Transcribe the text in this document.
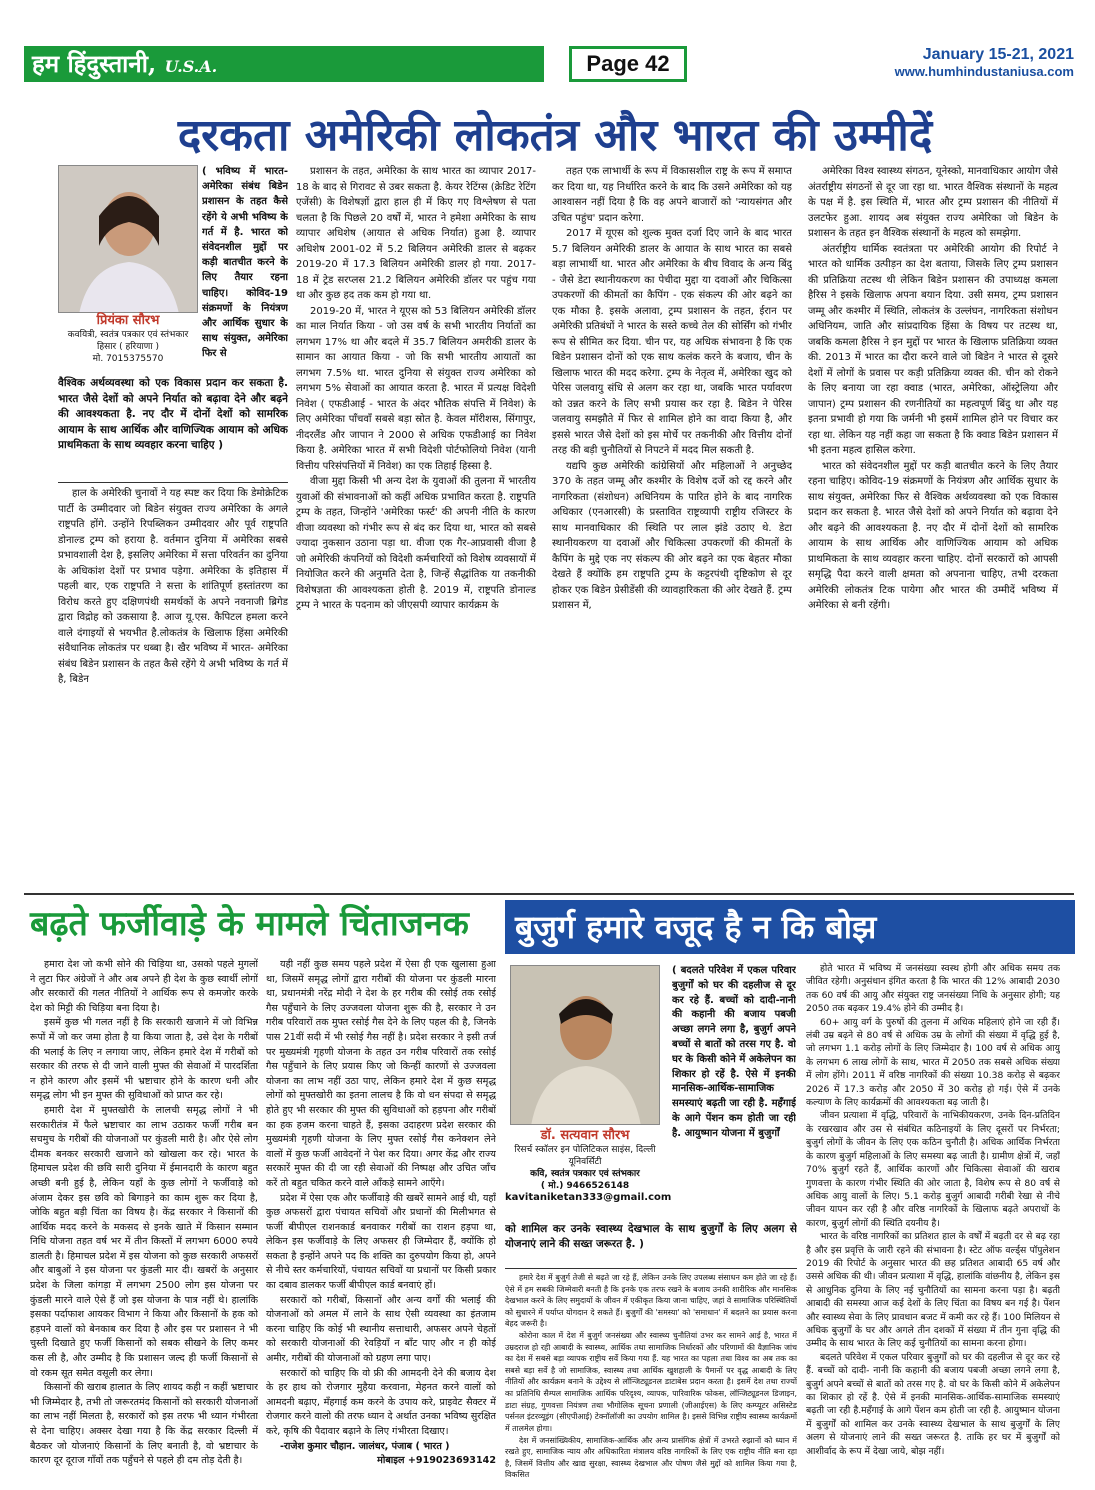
हम हिंदुस्तानी, U.S.A.	Page 42	January 15-21, 2021
www.humhindustaniusa.com
दरकता अमेरिकी लोकतंत्र और भारत की उम्मीदें
प्रियंका सौरभ
कवयित्री, स्वतंत्र पत्रकार एवं स्तंभकार
हिसार ( हरियाणा )
मो. 7015375570
( भविष्य में भारत- अमेरिका संबंध बिडेन प्रशासन के तहत कैसे रहेंगे ये अभी भविष्य के गर्त में है. भारत को संवेदनशील मुद्दों पर कड़ी बातचीत करने के लिए तैयार रहना चाहिए। कोविद-19 संक्रमणों के नियंत्रण और आर्थिक सुधार के साथ संयुक्त, अमेरिका फिर से
वैश्विक अर्थव्यवस्था को एक विकास प्रदान कर सकता है. भारत जैसे देशों को अपने निर्यात को बढ़ावा देने और बढ़ने की आवश्यकता है. नए दौर में दोनों देशों को सामरिक आयाम के साथ आर्थिक और वाणिज्यिक आयाम को अधिक प्राथमिकता के साथ व्यवहार करना चाहिए )

हाल के अमेरिकी चुनावों ने यह स्पष्ट कर दिया कि डेमोक्रेटिक पार्टी के उम्मीदवार जो बिडेन संयुक्त राज्य अमेरिका के अगले राष्ट्रपति होंगे. उन्होंने रिपब्लिकन उम्मीदवार और पूर्व राष्ट्रपति डोनाल्ड ट्रम्प को हराया है. वर्तमान दुनिया में अमेरिका सबसे प्रभावशाली देश है, इसलिए अमेरिका में सत्ता परिवर्तन का दुनिया के अधिकांश देशों पर प्रभाव पड़ेगा. अमेरिका के इतिहास में पहली बार, एक राष्ट्रपति ने सत्ता के शांतिपूर्ण हस्तांतरण का विरोध करते हुए दक्षिणपंथी समर्थकों के अपने नवनाजी ब्रिगेड द्वारा विद्रोह को उकसाया है. आज यू.एस. कैपिटल हमला करने वाले दंगाइयों से भयभीत है.लोकतंत्र के खिलाफ हिंसा अमेरिकी संवैधानिक लोकतंत्र पर धब्बा है। खैर भविष्य में भारत- अमेरिका संबंध बिडेन प्रशासन के तहत कैसे रहेंगे ये अभी भविष्य के गर्त में है, बिडेन

प्रशासन के तहत, अमेरिका के साथ भारत का व्यापार 2017-18 के बाद से गिरावट से उबर सकता है. केयर रेटिंग्स (क्रेडिट रेटिंग एजेंसी) के विशेषज्ञों द्वारा हाल ही में किए गए विश्लेषण से पता चलता है कि पिछले 20 वर्षों में, भारत ने हमेशा अमेरिका के साथ व्यापार अधिशेष (आयात से अधिक निर्यात) हुआ है. व्यापार अधिशेष 2001-02 में 5.2 बिलियन अमेरिकी डालर से बढ़कर 2019-20 में 17.3 बिलियन अमेरिकी डालर हो गया. 2017-18 में ट्रेड सरप्लस 21.2 बिलियन अमेरिकी डॉलर पर पहुंच गया था और कुछ हद तक कम हो गया था.

2019-20 में, भारत ने यूएस को 53 बिलियन अमेरिकी डॉलर का माल निर्यात किया - जो उस वर्ष के सभी भारतीय निर्यातों का लगभग 17% था और बदले में 35.7 बिलियन अमरीकी डालर के सामान का आयात किया - जो कि सभी भारतीय आयातों का लगभग 7.5% था. भारत दुनिया से संयुक्त राज्य अमेरिका को लगभग 5% सेवाओं का आयात करता है. भारत में प्रत्यक्ष विदेशी निवेश ( एफडीआई - भारत के अंदर भौतिक संपत्ति में निवेश) के लिए अमेरिका पाँचवाँ सबसे बड़ा स्रोत है. केवल मॉरीशस, सिंगापुर, नीदरलैंड और जापान ने 2000 से अधिक एफडीआई का निवेश किया है. अमेरिका भारत में सभी विदेशी पोर्टफोलियो निवेश (यानी वित्तीय परिसंपत्तियों में निवेश) का एक तिहाई हिस्सा है.

वीजा मुद्दा किसी भी अन्य देश के युवाओं की तुलना में भारतीय युवाओं की संभावनाओं को कहीं अधिक प्रभावित करता है. राष्ट्रपति ट्रम्प के तहत, जिन्होंने 'अमेरिका फर्स्ट' की अपनी नीति के कारण वीजा व्यवस्था को गंभीर रूप से बंद कर दिया था, भारत को सबसे ज्यादा नुकसान उठाना पड़ा था. वीजा एक गैर-आप्रवासी वीजा है जो अमेरिकी कंपनियों को विदेशी कर्मचारियों को विशेष व्यवसायों में नियोजित करने की अनुमति देता है, जिन्हें सैद्धांतिक या तकनीकी विशेषज्ञता की आवश्यकता होती है. 2019 में, राष्ट्रपति डोनाल्ड ट्रम्प ने भारत के पदनाम को जीएसपी व्यापार कार्यक्रम के

तहत एक लाभार्थी के रूप में विकासशील राष्ट्र के रूप में समाप्त कर दिया था, यह निर्धारित करने के बाद कि उसने अमेरिका को यह आश्वासन नहीं दिया है कि वह अपने बाजारों को 'न्यायसंगत और उचित पहुंच' प्रदान करेगा.

2017 में यूएस को शुल्क मुक्त दर्जा दिए जाने के बाद भारत 5.7 बिलियन अमेरिकी डालर के आयात के साथ भारत का सबसे बड़ा लाभार्थी था. भारत और अमेरिका के बीच विवाद के अन्य बिंदु - जैसे डेटा स्थानीयकरण का पेचीदा मुद्दा या दवाओं और चिकित्सा उपकरणों की कीमतों का कैपिंग - एक संकल्प की ओर बढ़ने का एक मौका है. इसके अलावा, ट्रम्प प्रशासन के तहत, ईरान पर अमेरिकी प्रतिबंधों ने भारत के सस्ते कच्चे तेल की सोर्सिंग को गंभीर रूप से सीमित कर दिया. चीन पर, यह अधिक संभावना है कि एक बिडेन प्रशासन दोनों को एक साथ कलंक करने के बजाय, चीन के खिलाफ भारत की मदद करेगा. ट्रम्प के नेतृत्व में, अमेरिका खुद को पेरिस जलवायु संधि से अलग कर रहा था, जबकि भारत पर्यावरण को उन्नत करने के लिए सभी प्रयास कर रहा है. बिडेन ने पेरिस जलवायु समझौते में फिर से शामिल होने का वादा किया है, और इससे भारत जैसे देशों को इस मोर्चे पर तकनीकी और वित्तीय दोनों तरह की बड़ी चुनौतियों से निपटने में मदद मिल सकती है.

यद्यपि कुछ अमेरिकी कांग्रेसियों और महिलाओं ने अनुच्छेद 370 के तहत जम्मू और कश्मीर के विशेष दर्जे को रद्द करने और नागरिकता (संशोधन) अधिनियम के पारित होने के बाद नागरिक अधिकार (एनआरसी) के प्रस्तावित राष्ट्रव्यापी राष्ट्रीय रजिस्टर के साथ मानवाधिकार की स्थिति पर लाल झंडे उठाए थे. डेटा स्थानीयकरण या दवाओं और चिकित्सा उपकरणों की कीमतों के कैपिंग के मुद्दे एक नए संकल्प की ओर बढ़ने का एक बेहतर मौका देखते हैं क्योंकि हम राष्ट्रपति ट्रम्प के कट्टरपंथी दृष्टिकोण से दूर होकर एक बिडेन प्रेसीडेंसी की व्यावहारिकता की ओर देखते हैं. ट्रम्प प्रशासन में,

अमेरिका विश्व स्वास्थ्य संगठन, यूनेस्को, मानवाधिकार आयोग जैसे अंतर्राष्ट्रीय संगठनों से दूर जा रहा था. भारत वैश्विक संस्थानों के महत्व के पक्ष में है. इस स्थिति में, भारत और ट्रम्प प्रशासन की नीतियों में उलटफेर हुआ. शायद अब संयुक्त राज्य अमेरिका जो बिडेन के प्रशासन के तहत इन वैश्विक संस्थानों के महत्व को समझेगा.

अंतर्राष्ट्रीय धार्मिक स्वतंत्रता पर अमेरिकी आयोग की रिपोर्ट ने भारत को धार्मिक उत्पीड़न का देश बताया, जिसके लिए ट्रम्प प्रशासन की प्रतिक्रिया तटस्थ थी लेकिन बिडेन प्रशासन की उपाध्यक्ष कमला हैरिस ने इसके खिलाफ अपना बयान दिया. उसी समय, ट्रम्प प्रशासन जम्मू और कश्मीर में स्थिति, लोकतंत्र के उल्लंघन, नागरिकता संशोधन अधिनियम, जाति और सांप्रदायिक हिंसा के विषय पर तटस्थ था, जबकि कमला हैरिस ने इन मुद्दों पर भारत के खिलाफ प्रतिक्रिया व्यक्त की. 2013 में भारत का दौरा करने वाले जो बिडेन ने भारत से दूसरे देशों में लोगों के प्रवास पर कड़ी प्रतिक्रिया व्यक्त की. चीन को रोकने के लिए बनाया जा रहा क्वाड (भारत, अमेरिका, ऑस्ट्रेलिया और जापान) ट्रम्प प्रशासन की रणनीतियों का महत्वपूर्ण बिंदु था और यह इतना प्रभावी हो गया कि जर्मनी भी इसमें शामिल होने पर विचार कर रहा था. लेकिन यह नहीं कहा जा सकता है कि क्वाड बिडेन प्रशासन में भी इतना महत्व हासिल करेगा.

भारत को संवेदनशील मुद्दों पर कड़ी बातचीत करने के लिए तैयार रहना चाहिए। कोविद-19 संक्रमणों के नियंत्रण और आर्थिक सुधार के साथ संयुक्त, अमेरिका फिर से वैश्विक अर्थव्यवस्था को एक विकास प्रदान कर सकता है. भारत जैसे देशों को अपने निर्यात को बढ़ावा देने और बढ़ने की आवश्यकता है. नए दौर में दोनों देशों को सामरिक आयाम के साथ आर्थिक और वाणिज्यिक आयाम को अधिक प्राथमिकता के साथ व्यवहार करना चाहिए. दोनों सरकारों को आपसी समृद्धि पैदा करने वाली क्षमता को अपनाना चाहिए, तभी दरकता अमेरिकी लोकतंत्र टिक पायेगा और भारत की उम्मीदें भविष्य में अमेरिका से बनी रहेंगी।

बढ़ते फर्जीवाड़े के मामले चिंताजनक

हमारा देश जो कभी सोने की चिड़िया था, उसको पहले मुगलों ने लुटा फिर अंग्रेजों ने और अब अपने ही देश के कुछ स्वार्थी लोगों और सरकारों की गलत नीतियों ने आर्थिक रूप से कमजोर करके देश को मिट्टी की चिड़िया बना दिया है।

इसमें कुछ भी गलत नहीं है कि सरकारी खजाने में जो विभिन्न रूपों में जो कर जमा होता है या किया जाता है, उसे देश के गरीबों की भलाई के लिए न लगाया जाए, लेकिन हमारे देश में गरीबों को सरकार की तरफ से दी जाने वाली मुफ्त की सेवाओं में पारदर्शिता न होने कारण और इसमें भी भ्रष्टाचार होने के कारण धनी और समृद्ध लोग भी इन मुफ्त की सुविधाओं को प्राप्त कर रहे।

हमारी देश में मुफ्तखोरी के लालची समृद्ध लोगों ने भी सरकारीतंत्र में फैले भ्रष्टाचार का लाभ उठाकर फर्जी गरीब बन सचमुच के गरीबों की योजनाओं पर कुंडली मारी है। और ऐसे लोग दीमक बनकर सरकारी खजाने को खोखला कर रहे। भारत के हिमाचल प्रदेश की छवि सारी दुनिया में ईमानदारी के कारण बहुत अच्छी बनी हुई है, लेकिन यहाँ के कुछ लोगों ने फर्जीवाड़े को अंजाम देकर इस छवि को बिगाड़ने का काम शुरू कर दिया है, जोकि बहुत बड़ी चिंता का विषय है। केंद्र सरकार ने किसानों की आर्थिक मदद करने के मकसद से इनके खाते में किसान सम्मान निधि योजना तहत वर्ष भर में तीन किस्तों में लगभग 6000 रुपये डालती है। हिमाचल प्रदेश में इस योजना को कुछ सरकारी अफसरों और बाबुओं ने इस योजना पर कुंडली मार दी। खबरों के अनुसार प्रदेश के जिला कांगड़ा में लगभग 2500 लोग इस योजना पर कुंडली मारने वाले ऐसे हैं जो इस योजना के पात्र नहीं थे। हालांकि इसका पर्दाफाश आयकर विभाग ने किया और किसानों के हक को हड़पने वालों को बेनकाब कर दिया है और इस पर प्रशासन ने भी चुस्ती दिखाते हुए फर्जी किसानों को सबक सीखने के लिए कमर कस ली है, और उम्मीद है कि प्रशासन जल्द ही फर्जी किसानों से वो रकम सूत समेत वसूली कर लेगा।

किसानों की खराब हालात के लिए शायद कही न कहीं भ्रष्टाचार भी जिम्मेदार है, तभी तो जरूरतमंद किसानों को सरकारी योजनाओं का लाभ नहीं मिलता है, सरकारों को इस तरफ भी ध्यान गंभीरता से देना चाहिए। अक्सर देखा गया है कि केंद्र सरकार दिल्ली में बैठकर जो योजनाएं किसानों के लिए बनाती है, वो भ्रष्टाचार के कारण दूर दूराज गाँवों तक पहुँचने से पहले ही दम तोड़ देती है।

यही नहीं कुछ समय पहले प्रदेश में ऐसा ही एक खुलासा हुआ था, जिसमें समृद्ध लोगों द्वारा गरीबों की योजना पर कुंडली मारना था, प्रधानमंत्री नरेंद्र मोदी ने देश के हर गरीब की रसोई तक रसोई गैस पहुँचाने के लिए उज्जवला योजना शुरू की है, सरकार ने उन गरीब परिवारों तक मुफ्त रसोई गैस देने के लिए पहल की है, जिनके पास 21वीं सदी में भी रसोई गैस नहीं है। प्रदेश सरकार ने इसी तर्ज पर मुख्यमंत्री गृहणी योजना के तहत उन गरीब परिवारों तक रसोई गैस पहुँचाने के लिए प्रयास किए जो किन्हीं कारणों से उज्जवला योजना का लाभ नहीं उठा पाए, लेकिन हमारे देश में कुछ समृद्ध लोगों को मुफ्तखोरी का इतना लालच है कि वो धन संपदा से समृद्ध होते हुए भी सरकार की मुफ्त की सुविधाओं को हड़पना और गरीबों का हक हजम करना चाहते हैं, इसका उदाहरण प्रदेश सरकार की मुख्यमंत्री गृहणी योजना के लिए मुफ्त रसोई गैस कनेक्शन लेने वालों में कुछ फर्जी आवेदनों ने पेश कर दिया। अगर केंद्र और राज्य सरकारें मुफ्त की दी जा रही सेवाओं की निष्पक्ष और उचित जाँच करें तो बहुत चकित करने वाले आँकड़े सामने आएँगे।

प्रदेश में ऐसा एक और फर्जीवाड़े की खबरें सामने आई थी, यहाँ कुछ अफसरों द्वारा पंचायत सचिवों और प्रधानों की मिलीभगत से फर्जी बीपीएल राशनकार्ड बनवाकर गरीबों का राशन हड़पा था, लेकिन इस फर्जीवाड़े के लिए अफसर ही जिम्मेदार हैं, क्योंकि हो सकता है इन्होंने अपने पद कि शक्ति का दुरुपयोग किया हो, अपने से नीचे स्तर कर्मचारियों, पंचायत सचिवों या प्रधानों पर किसी प्रकार का दबाव डालकर फर्जी बीपीएल कार्ड बनवाएं हों।

सरकारों को गरीबों, किसानों और अन्य वर्गों की भलाई की योजनाओं को अमल में लाने के साथ ऐसी व्यवस्था का इंतजाम करना चाहिए कि कोई भी स्थानीय सत्ताधारी, अफसर अपने चेहतों को सरकारी योजनाओं की रेवड़ियाँ न बाँट पाए और न ही कोई अमीर, गरीबों की योजनाओं को ग्रहण लगा पाए।

सरकारों को चाहिए कि वो फ्री की आमदनी देने की बजाय देश के हर हाथ को रोजगार मुहैया करवाना, मेहनत करने वालों को आमदनी बढ़ाए, मँहगाई कम करने के उपाय करे, प्राइवेट सैक्टर में रोजगार करने वालो की तरफ ध्यान दे अर्थात उनका भविष्य सुरक्षित करे, कृषि की पैदावार बढ़ाने के लिए गंभीरता दिखाए।

-राजेश कुमार चौहान. जालंधर, पंजाब ( भारत )

मोबाइल +919023693142

बुजुर्ग हमारे वजूद है न कि बोझ
डॉ. सत्यवान सौरभ
रिसर्च स्कॉलर इन पोलिटिकल साइंस, दिल्ली यूनिवर्सिटी
कवि, स्वतंत्र पत्रकार एवं स्तंभकार
( मो.) 9466526148
kavitaniketan333@gmail.com
( बदलते परिवेश में एकल परिवार बुजुर्गों को घर की दहलीज से दूर कर रहे हैं. बच्चों को दादी-नानी की कहानी की बजाय पबजी अच्छा लगने लगा है, बुजुर्ग अपने बच्चों से बातों को तरस गए है. वो घर के किसी कोने में अकेलेपन का शिकार हो रहें है. ऐसे में इनकी मानसिक-आर्थिक-सामाजिक समस्याएं बढ़ती जा रही है. महँगाई के आगे पेंशन कम होती जा रही है. आयुष्मान योजना में बुजुर्गों
को शामिल कर उनके स्वास्थ्य देखभाल के साथ बुजुर्गों के लिए अलग से योजनाएं लाने की सख्त जरूरत है. )

हमारे देश में बुजुर्ग तेजी से बढ़ते जा रहे हैं, लेकिन उनके लिए उपलब्ध संसाधन कम होते जा रहे हैं। ऐसे में हम सबकी जिम्मेवारी बनती है कि इनके एक तरफ रखने के बजाय उनकी शारीरिक और मानसिक देखभाल करने के लिए समुदायों के जीवन में एकीकृत किया जाना चाहिए, जहां वे सामाजिक परिस्थितियों को सुधारने में पर्याप्त योगदान दे सकते हैं। बुजुर्गों की 'समस्या' को 'समाधान' में बदलने का प्रयास करना बेहद जरूरी है।

कोरोना काल में देश में बुजुर्ग जनसंख्या और स्वास्थ्य चुनौतियां उभर कर सामने आई है, भारत में उम्रदराज हो रही आबादी के स्वास्थ्य, आर्थिक तथा सामाजिक निर्धारकों और परिणामों की वैज्ञानिक जांच का देश में सबसे बड़ा व्यापक राष्ट्रीय सर्वे किया गया हैं. यह भारत का पहला तथा विश्व का अब तक का सबसे बड़ा सर्वे है जो सामाजिक, स्वास्थ्य तथा आर्थिक खुशहाली के पैमानों पर वृद्ध आबादी के लिए नीतियों और कार्यक्रम बनाने के उद्देश्य से लॉन्जिट्यूडनल डाटाबेस प्रदान करता है। इसमें देश तथा राज्यों का प्रतिनिधि सैम्पल सामाजिक आर्थिक परिदृश्य, व्यापक, पारिवारिक फोकस, लॉन्जिट्यूडनल डिजाइन, डाटा संग्रह, गुणवत्ता नियंत्रण तथा भौगोलिक सूचना प्रणाली (जीआईएस) के लिए कम्प्यूटर असिस्टेड पर्सनल इंटरव्यूइंग (सीएपीआई) टेक्नॉलॉजी का उपयोग शामिल है। इससे विभिन्न राष्ट्रीय स्वास्थ्य कार्यक्रमों में तालमेल होगा।

देश में जनसांख्यिकीय, सामाजिक-आर्थिक और अन्य प्रासंगिक क्षेत्रों में उभरते रुझानों को ध्यान में रखते हुए, सामाजिक न्याय और अधिकारिता मंत्रालय वरिष्ठ नागरिकों के लिए एक राष्ट्रीय नीति बना रहा है, जिसमें वित्तीय और खाद्य सुरक्षा, स्वास्थ्य देखभाल और पोषण जैसे मुद्दों को शामिल किया गया है, विकसित

होते भारत में भविष्य में जनसंख्या स्वस्थ होगी और अधिक समय तक जीवित रहेगी। अनुसंधान इंगित करता है कि भारत की 12% आबादी 2030 तक 60 वर्ष की आयु और संयुक्त राष्ट्र जनसंख्या निधि के अनुसार होगी; यह 2050 तक बढ़कर 19.4% होने की उम्मीद है।

60+ आयु वर्ग के पुरुषों की तुलना में अधिक महिलाएं होने जा रही हैं। लंबी उम्र बढ़ने से 80 वर्ष से अधिक उम्र के लोगों की संख्या में वृद्धि हुई है, जो लगभग 1.1 करोड़ लोगों के लिए जिम्मेदार है। 100 वर्ष से अधिक आयु के लगभग 6 लाख लोगों के साथ, भारत में 2050 तक सबसे अधिक संख्या में लोग होंगे। 2011 में वरिष्ठ नागरिकों की संख्या 10.38 करोड़ से बढ़कर 2026 में 17.3 करोड़ और 2050 में 30 करोड़ हो गई। ऐसे में उनके कल्याण के लिए कार्यक्रमों की आवश्यकता बढ़ जाती है।

जीवन प्रत्याशा में वृद्धि, परिवारों के नाभिकीयकरण, उनके दिन-प्रतिदिन के रखरखाव और उस से संबंधित कठिनाइयों के लिए दूसरों पर निर्भरता; बुजुर्ग लोगों के जीवन के लिए एक कठिन चुनौती है। अधिक आर्थिक निर्भरता के कारण बुजुर्ग महिलाओं के लिए समस्या बढ़ जाती है। ग्रामीण क्षेत्रों में, जहाँ 70% बुजुर्ग रहते हैं, आर्थिक कारणों और चिकित्सा सेवाओं की खराब गुणवत्ता के कारण गंभीर स्थिति की ओर जाता है, विशेष रूप से 80 वर्ष से अधिक आयु वालों के लिए। 5.1 करोड़ बुजुर्ग आबादी गरीबी रेखा से नीचे जीवन यापन कर रही है और वरिष्ठ नागरिकों के खिलाफ बढ़ते अपराधों के कारण, बुजुर्ग लोगों की स्थिति दयनीय है।

भारत के वरिष्ठ नागरिकों का प्रतिशत हाल के वर्षों में बढ़ती दर से बढ़ रहा है और इस प्रवृत्ति के जारी रहने की संभावना है। स्टेट ऑफ वर्ल्ड्स पॉपुलेशन 2019 की रिपोर्ट के अनुसार भारत की छह प्रतिशत आबादी 65 वर्ष और उससे अधिक की थी। जीवन प्रत्याशा में वृद्धि, हालांकि वांछनीय है, लेकिन इस से आधुनिक दुनिया के लिए नई चुनौतियों का सामना करना पड़ा है। बढ़ती आबादी की समस्या आज कई देशों के लिए चिंता का विषय बन गई है। पेंशन और स्वास्थ्य सेवा के लिए प्रावधान बजट में कमी कर रहे हैं। 100 मिलियन से अधिक बुजुर्गों के घर और अगले तीन दशकों में संख्या में तीन गुना वृद्धि की उम्मीद के साथ भारत के लिए कई चुनौतियों का सामना करना होगा।

बदलते परिवेश में एकल परिवार बुजुर्गों को घर की दहलीज से दूर कर रहे हैं. बच्चों को दादी- नानी कि कहानी की बजाय पबजी अच्छा लगने लगा है, बुजुर्ग अपने बच्चों से बातों को तरस गए है. वो घर के किसी कोने में अकेलेपन का शिकार हो रहें है. ऐसे में इनकी मानसिक-आर्थिक-सामाजिक समस्याएं बढ़ती जा रही है.महँगाई के आगे पेंशन कम होती जा रही है. आयुष्मान योजना में बुजुर्गों को शामिल कर उनके स्वास्थ्य देखभाल के साथ बुजुर्गों के लिए अलग से योजनाएं लाने की सख्त जरूरत है. ताकि हर घर में बुजुर्गों को आशीर्वाद के रूप में देखा जाये, बोझ नहीं।
